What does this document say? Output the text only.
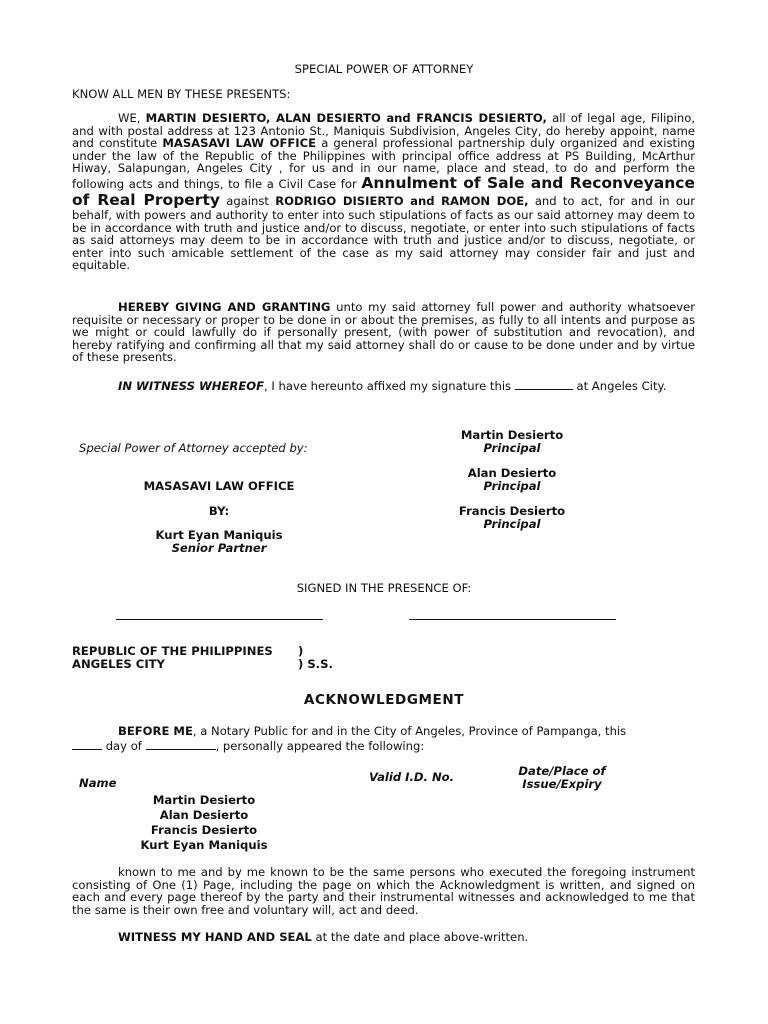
SPECIAL POWER OF ATTORNEY
KNOW ALL MEN BY THESE PRESENTS:
WE, MARTIN DESIERTO, ALAN DESIERTO and FRANCIS DESIERTO, all of legal age, Filipino, and with postal address at 123 Antonio St., Maniquis Subdivision, Angeles City, do hereby appoint, name and constitute MASASAVI LAW OFFICE a general professional partnership duly organized and existing under the law of the Republic of the Philippines with principal office address at PS Building, McArthur Hiway, Salapungan, Angeles City , for us and in our name, place and stead, to do and perform the following acts and things, to file a Civil Case for Annulment of Sale and Reconveyance of Real Property against RODRIGO DISIERTO and RAMON DOE, and to act, for and in our behalf, with powers and authority to enter into such stipulations of facts as our said attorney may deem to be in accordance with truth and justice and/or to discuss, negotiate, or enter into such stipulations of facts as said attorneys may deem to be in accordance with truth and justice and/or to discuss, negotiate, or enter into such amicable settlement of the case as my said attorney may consider fair and just and equitable.
HEREBY GIVING AND GRANTING unto my said attorney full power and authority whatsoever requisite or necessary or proper to be done in or about the premises, as fully to all intents and purpose as we might or could lawfully do if personally present, (with power of substitution and revocation), and hereby ratifying and confirming all that my said attorney shall do or cause to be done under and by virtue of these presents.
IN WITNESS WHEREOF, I have hereunto affixed my signature this	at Angeles City.
Special Power of Attorney accepted by:
Martin Desierto
Principal
Alan Desierto
Principal
Francis Desierto
Principal
MASASAVI LAW OFFICE
BY:
Kurt Eyan Maniquis
Senior Partner
SIGNED IN THE PRESENCE OF:
REPUBLIC OF THE PHILIPPINES )
ANGELES CITY	) S.S.
ACKNOWLEDGMENT
BEFORE ME, a Notary Public for and in the City of Angeles, Province of Pampanga, this
day of	, personally appeared the following:
Name	Valid I.D. No.	Date/Place of
Issue/Expiry
Martin Desierto
Alan Desierto
Francis Desierto
Kurt Eyan Maniquis
known to me and by me known to be the same persons who executed the foregoing instrument consisting of One (1) Page, including the page on which the Acknowledgment is written, and signed on each and every page thereof by the party and their instrumental witnesses and acknowledged to me that the same is their own free and voluntary will, act and deed.
WITNESS MY HAND AND SEAL at the date and place above-written.
